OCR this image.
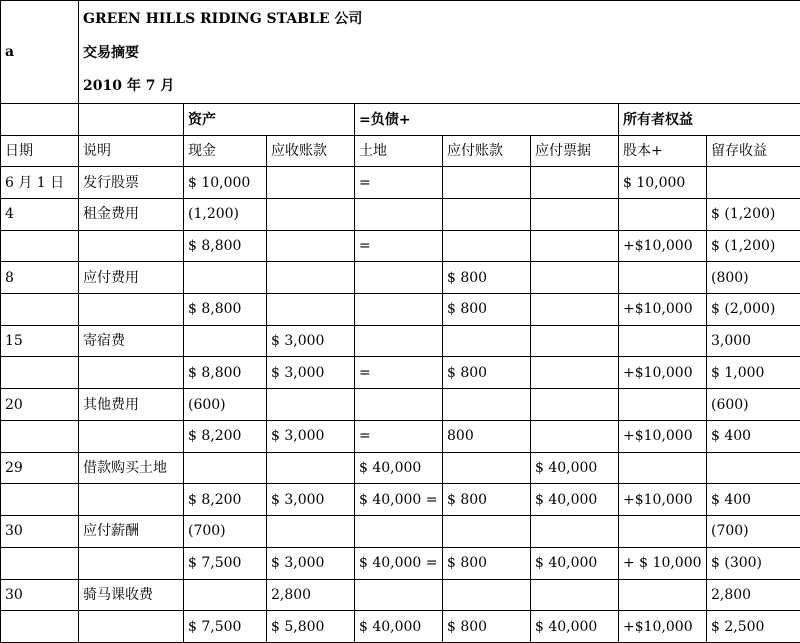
a	GREEN HILLS RIDING STABLE 公司
交易摘要
2010 年 7 月							

		资产		=负债+			所有者权益	
日期	说明	现金	应收账款	土地	应付账款	应付票据	股本+	留存收益
6 月 1 日	发行股票	$ 10,000		=			$ 10,000	
4	租金费用	(1,200)						$ (1,200)
		$ 8,800		=			+$10,000	$ (1,200)
8	应付费用				$ 800			(800)
		$ 8,800			$ 800		+$10,000	$ (2,000)
15	寄宿费		$ 3,000					3,000
		$ 8,800	$ 3,000	=	$ 800		+$10,000	$ 1,000
20	其他费用	(600)						(600)
		$ 8,200	$ 3,000	=	800		+$10,000	$ 400
29	借款购买土地			$ 40,000		$ 40,000		
		$ 8,200	$ 3,000	$ 40,000 =	$ 800	$ 40,000	+$10,000	$ 400
30	应付薪酬	(700)						(700)
		$ 7,500	$ 3,000	$ 40,000 =	$ 800	$ 40,000	+ $ 10,000	$ (300)
30	骑马课收费		2,800					2,800
		$ 7,500	$ 5,800	$ 40,000	$ 800	$ 40,000	+$10,000	$ 2,500
